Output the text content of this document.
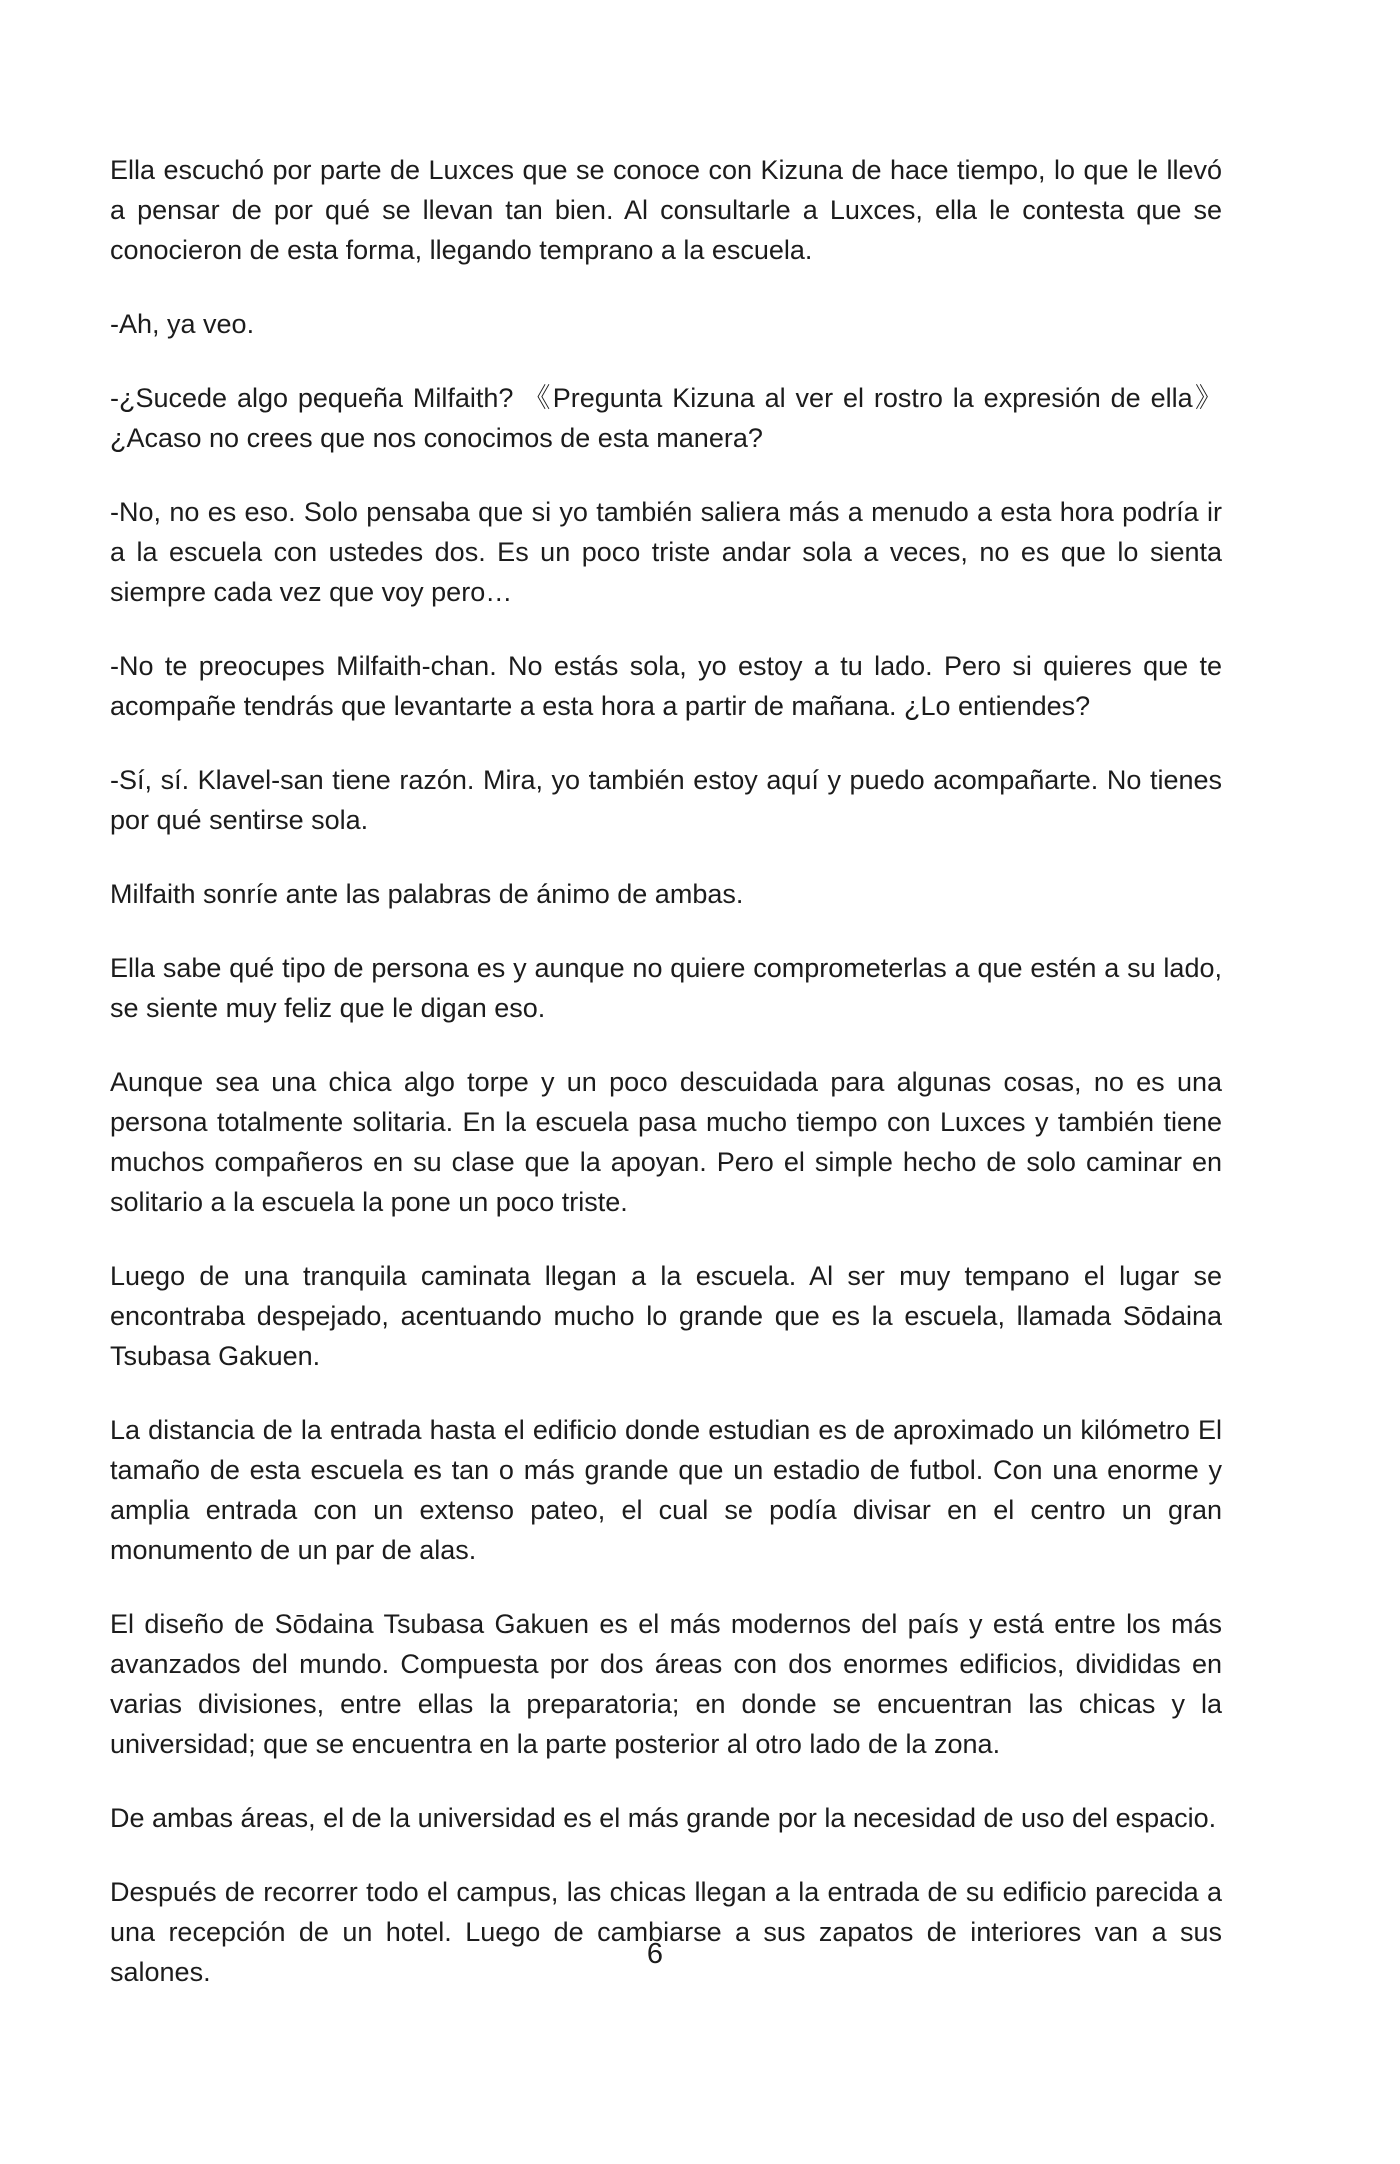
Ella escuchó por parte de Luxces que se conoce con Kizuna de hace tiempo, lo que le llevó a pensar de por qué se llevan tan bien. Al consultarle a Luxces, ella le contesta que se conocieron de esta forma, llegando temprano a la escuela.

-Ah, ya veo.

-¿Sucede algo pequeña Milfaith? 《Pregunta Kizuna al ver el rostro la expresión de ella》 ¿Acaso no crees que nos conocimos de esta manera?

-No, no es eso. Solo pensaba que si yo también saliera más a menudo a esta hora podría ir a la escuela con ustedes dos. Es un poco triste andar sola a veces, no es que lo sienta siempre cada vez que voy pero…

-No te preocupes Milfaith-chan. No estás sola, yo estoy a tu lado. Pero si quieres que te acompañe tendrás que levantarte a esta hora a partir de mañana. ¿Lo entiendes?

-Sí, sí. Klavel-san tiene razón. Mira, yo también estoy aquí y puedo acompañarte. No tienes por qué sentirse sola.

Milfaith sonríe ante las palabras de ánimo de ambas.

Ella sabe qué tipo de persona es y aunque no quiere comprometerlas a que estén a su lado, se siente muy feliz que le digan eso.

Aunque sea una chica algo torpe y un poco descuidada para algunas cosas, no es una persona totalmente solitaria. En la escuela pasa mucho tiempo con Luxces y también tiene muchos compañeros en su clase que la apoyan. Pero el simple hecho de solo caminar en solitario a la escuela la pone un poco triste.

Luego de una tranquila caminata llegan a la escuela. Al ser muy tempano el lugar se encontraba despejado, acentuando mucho lo grande que es la escuela, llamada Sōdaina Tsubasa Gakuen.

La distancia de la entrada hasta el edificio donde estudian es de aproximado un kilómetro El tamaño de esta escuela es tan o más grande que un estadio de futbol. Con una enorme y amplia entrada con un extenso pateo, el cual se podía divisar en el centro un gran monumento de un par de alas.

El diseño de Sōdaina Tsubasa Gakuen es el más modernos del país y está entre los más avanzados del mundo. Compuesta por dos áreas con dos enormes edificios, divididas en varias divisiones, entre ellas la preparatoria; en donde se encuentran las chicas y la universidad; que se encuentra en la parte posterior al otro lado de la zona.

De ambas áreas, el de la universidad es el más grande por la necesidad de uso del espacio.

Después de recorrer todo el campus, las chicas llegan a la entrada de su edificio parecida a una recepción de un hotel. Luego de cambiarse a sus zapatos de interiores van a sus salones.

6
